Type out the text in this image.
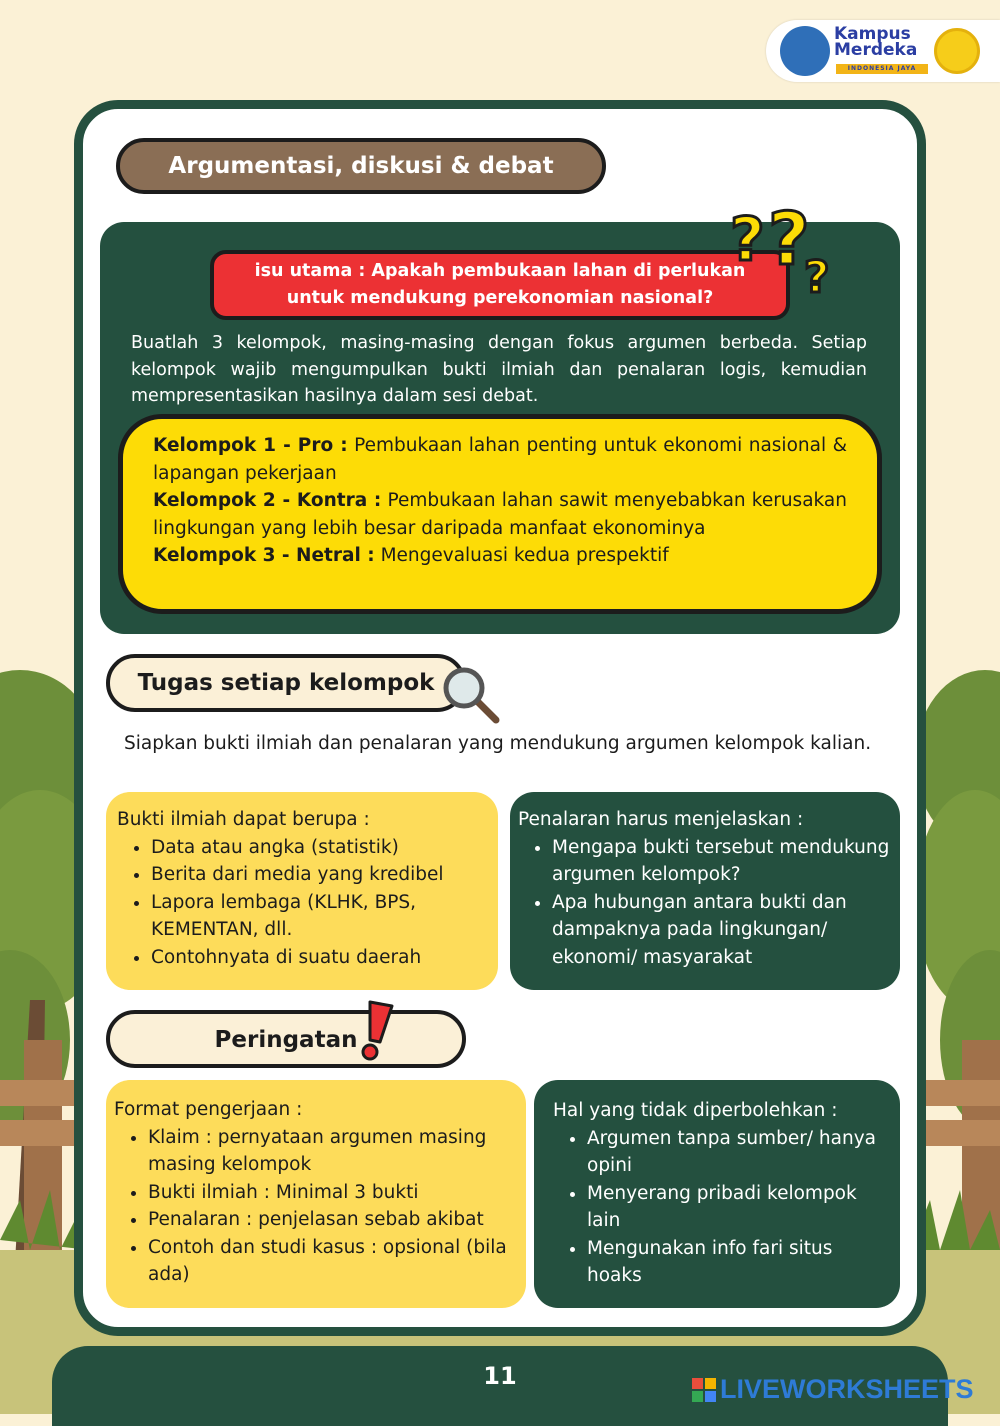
Kampus
Merdeka
INDONESIA JAYA
Argumentasi, diskusi & debat
isu utama : Apakah pembukaan lahan di perlukan
untuk mendukung perekonomian nasional?
? ?
?
Buatlah 3 kelompok, masing-masing dengan fokus argumen berbeda. Setiap kelompok wajib mengumpulkan bukti ilmiah dan penalaran logis, kemudian mempresentasikan hasilnya dalam sesi debat.

Kelompok 1 - Pro : Pembukaan lahan penting untuk ekonomi nasional & lapangan pekerjaan

Kelompok 2 - Kontra : Pembukaan lahan sawit menyebabkan kerusakan lingkungan yang lebih besar daripada manfaat ekonominya

Kelompok 3 - Netral : Mengevaluasi kedua prespektif

Tugas setiap kelompok
Siapkan bukti ilmiah dan penalaran yang mendukung argumen kelompok kalian.

Bukti ilmiah dapat berupa :

• Data atau angka (statistik)
• Berita dari media yang kredibel
• Lapora lembaga (KLHK, BPS, KEMENTAN, dll.
• Contohnyata di suatu daerah

Penalaran harus menjelaskan :

• Mengapa bukti tersebut mendukung argumen kelompok?
• Apa hubungan antara bukti dan dampaknya pada lingkungan/ ekonomi/ masyarakat
Peringatan

Format pengerjaan :

• Klaim : pernyataan argumen masing masing kelompok
• Bukti ilmiah : Minimal 3 bukti
• Penalaran : penjelasan sebab akibat
• Contoh dan studi kasus : opsional (bila ada)

Hal yang tidak diperbolehkan :

• Argumen tanpa sumber/ hanya opini
• Menyerang pribadi kelompok lain
• Mengunakan info fari situs hoaks
11	LIVEWORKSHEETS
